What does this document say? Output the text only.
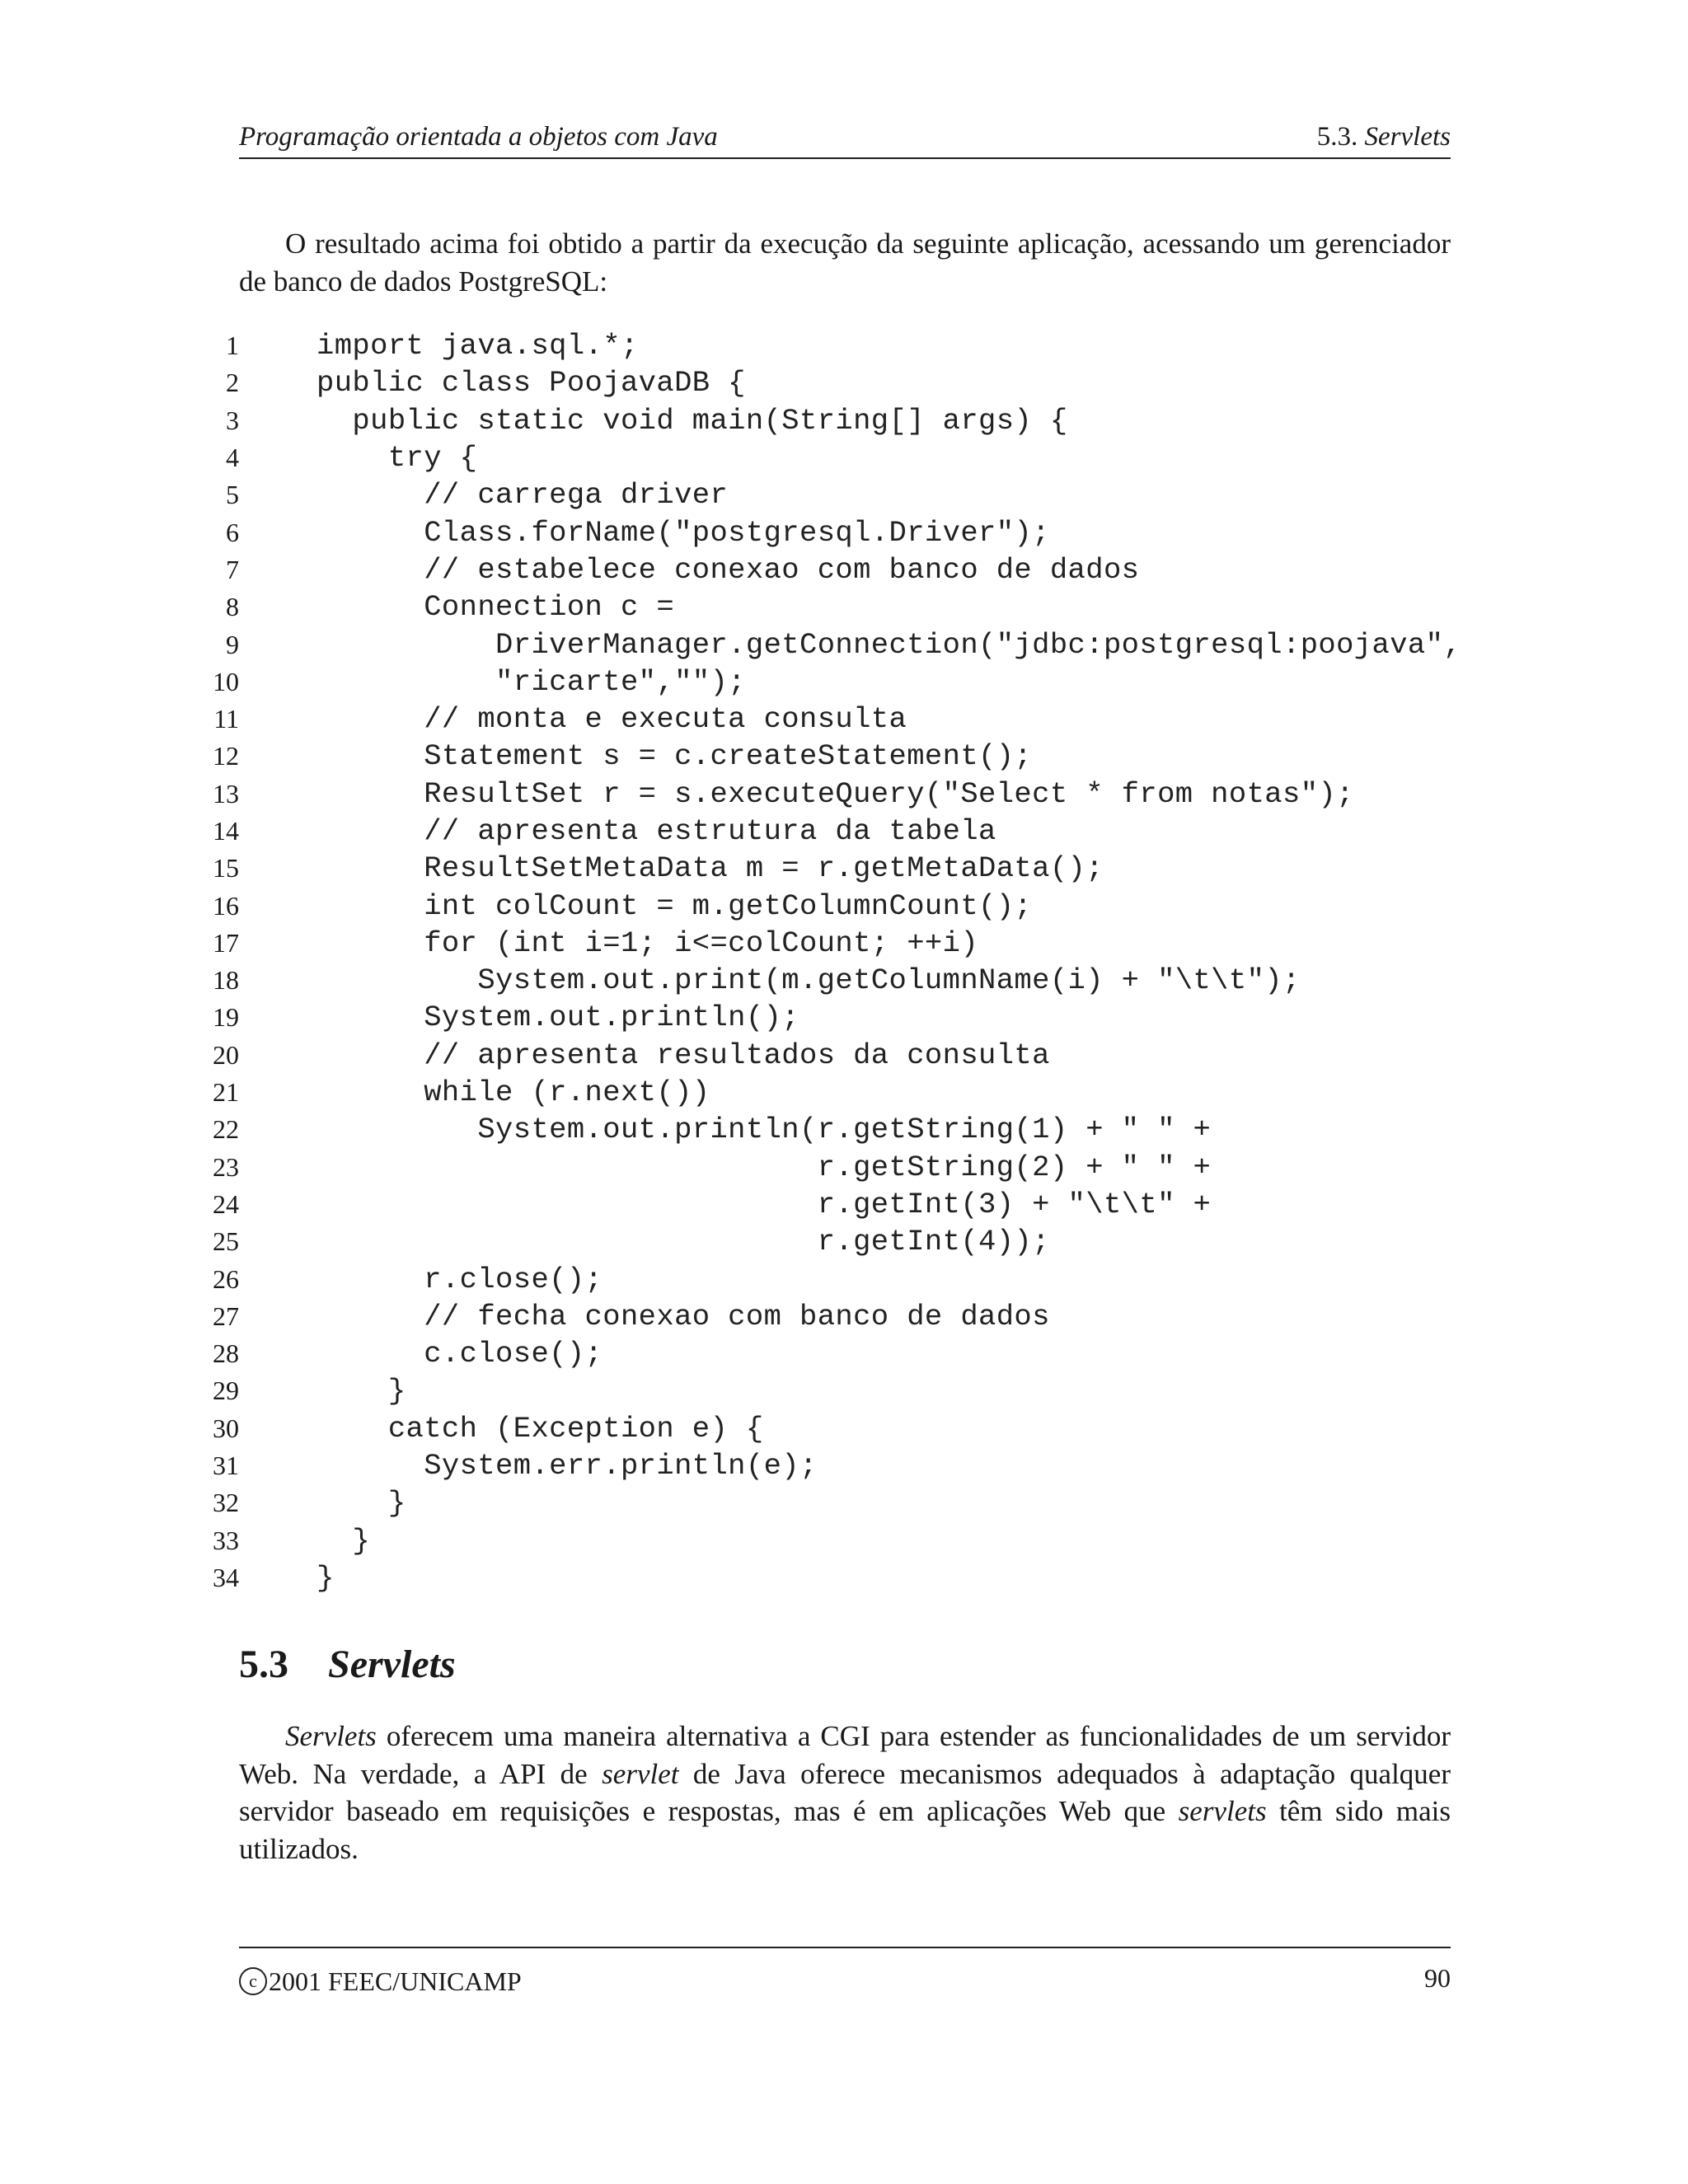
Programação orientada a objetos com Java	5.3. Servlets

O resultado acima foi obtido a partir da execução da seguinte aplicação, acessando um gerenciador de banco de dados PostgreSQL:

1	import java.sql.*;
2	public class PoojavaDB {
3	public static void main(String[] args) {
4	try {
5	// carrega driver
6	Class.forName("postgresql.Driver");
7	// estabelece conexao com banco de dados
8	Connection c =
9	DriverManager.getConnection("jdbc:postgresql:poojava",
10	"ricarte","");
11	// monta e executa consulta
12	Statement s = c.createStatement();
13	ResultSet r = s.executeQuery("Select * from notas");
14	// apresenta estrutura da tabela
15	ResultSetMetaData m = r.getMetaData();
16	int colCount = m.getColumnCount();
17	for (int i=1; i<=colCount; ++i)
18	System.out.print(m.getColumnName(i) + "\t\t");
19	System.out.println();
20	// apresenta resultados da consulta
21	while (r.next())
22	System.out.println(r.getString(1) + " " +
23	r.getString(2) + " " +
24	r.getInt(3) + "\t\t" +
25	r.getInt(4));
26	r.close();
27	// fecha conexao com banco de dados
28	c.close();
29	}
30	catch (Exception e) {
31	System.err.println(e);
32	}
33	}
34	}
5.3 Servlets

Servlets oferecem uma maneira alternativa a CGI para estender as funcionalidades de um servidor Web. Na verdade, a API de servlet de Java oferece mecanismos adequados à adaptação qualquer servidor baseado em requisições e respostas, mas é em aplicações Web que servlets têm sido mais utilizados.

c 2001 FEEC/UNICAMP	90
